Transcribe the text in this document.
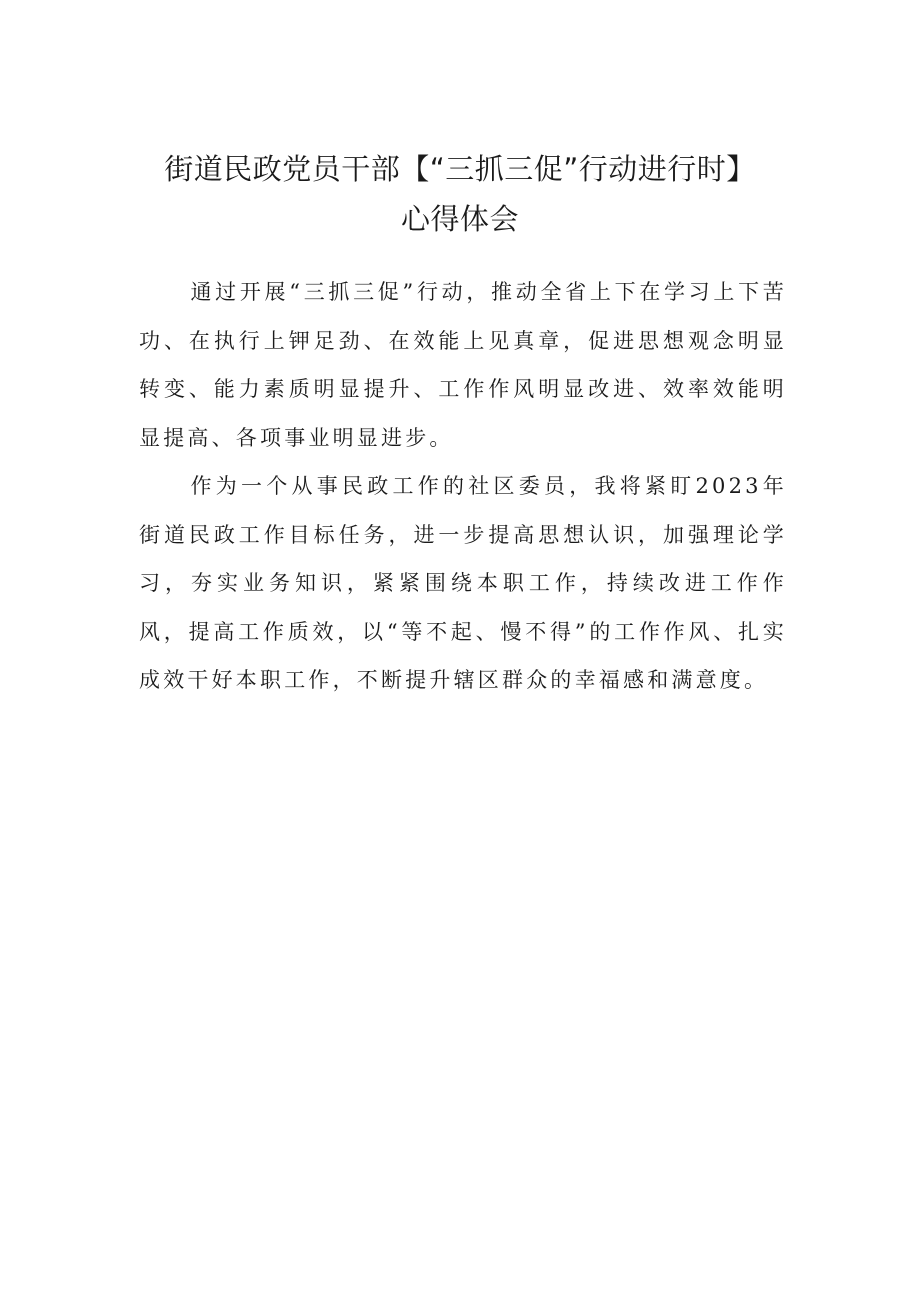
街道民政党员干部【“三抓三促”行动进行时】
心得体会

通过开展“三抓三促”行动，推动全省上下在学习上下苦功、在执行上钾足劲、在效能上见真章，促进思想观念明显转变、能力素质明显提升、工作作风明显改进、效率效能明显提高、各项事业明显进步。

作为一个从事民政工作的社区委员，我将紧盯2023年街道民政工作目标任务，进一步提高思想认识，加强理论学习，夯实业务知识，紧紧围绕本职工作，持续改进工作作风，提高工作质效，以“等不起、慢不得”的工作作风、扎实成效干好本职工作，不断提升辖区群众的幸福感和满意度。
